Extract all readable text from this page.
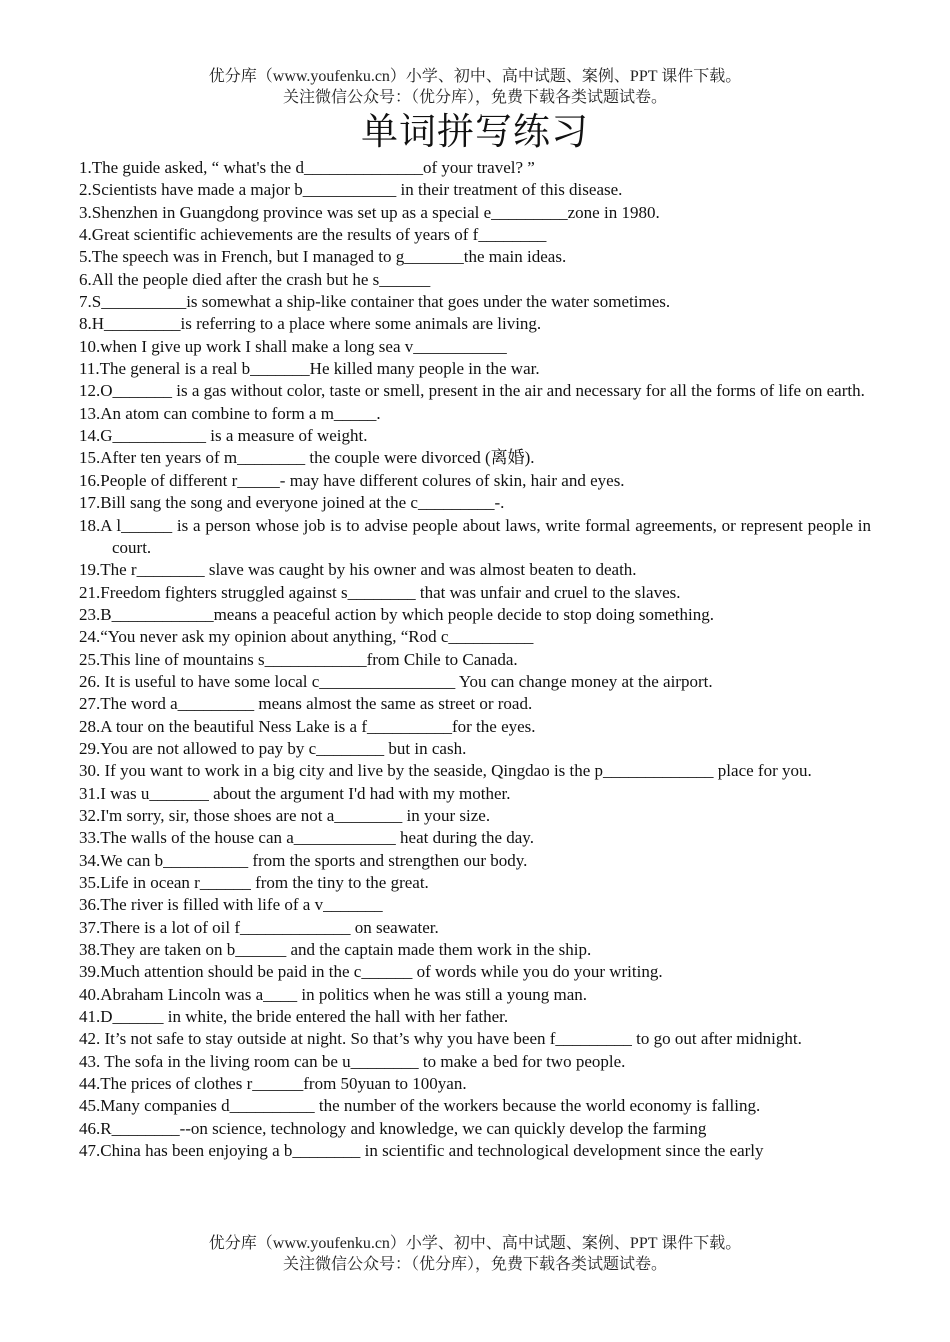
优分库（www.youfenku.cn）小学、初中、高中试题、案例、PPT 课件下载。
关注微信公众号：（优分库），免费下载各类试题试卷。
单词拼写练习
1.The guide asked, “ what's the d______________of your travel? ”
2.Scientists have made a major b___________ in their treatment of this disease.
3.Shenzhen in Guangdong province was set up as a special e_________zone in 1980.
4.Great scientific achievements are the results of years of f________
5.The speech was in French, but I managed to g_______the main ideas.
6.All the people died after the crash but he s______
7.S__________is somewhat a ship-like container that goes under the water sometimes.
8.H_________is referring to a place where some animals are living.
10.when I give up work I shall make a long sea v___________
11.The general is a real b_______He killed many people in the war.
12.O_______ is a gas without color, taste or smell, present in the air and necessary for all the forms of life on earth.
13.An atom can combine to form a m_____.
14.G___________ is a measure of weight.
15.After ten years of m________ the couple were divorced (离婚).
16.People of different r_____- may have different colures of skin, hair and eyes.
17.Bill sang the song and everyone joined at the c_________-.
18.A l______ is a person whose job is to advise people about laws, write formal agreements, or represent people in court.
19.The r________ slave was caught by his owner and was almost beaten to death.
21.Freedom fighters struggled against s________ that was unfair and cruel to the slaves.
23.B____________means a peaceful action by which people decide to stop doing something.
24.“You never ask my opinion about anything, “Rod c__________
25.This line of mountains s____________from Chile to Canada.
26. It is useful to have some local c________________ You can change money at the airport.
27.The word a_________ means almost the same as street or road.
28.A tour on the beautiful Ness Lake is a f__________for the eyes.
29.You are not allowed to pay by c________ but in cash.
30. If you want to work in a big city and live by the seaside, Qingdao is the p_____________ place for you.
31.I was u_______ about the argument I'd had with my mother.
32.I'm sorry, sir, those shoes are not a________ in your size.
33.The walls of the house can a____________ heat during the day.
34.We can b__________ from the sports and strengthen our body.
35.Life in ocean r______ from the tiny to the great.
36.The river is filled with life of a v_______
37.There is a lot of oil f_____________ on seawater.
38.They are taken on b______ and the captain made them work in the ship.
39.Much attention should be paid in the c______ of words while you do your writing.
40.Abraham Lincoln was a____ in politics when he was still a young man.
41.D______ in white, the bride entered the hall with her father.
42. It’s not safe to stay outside at night. So that’s why you have been f_________ to go out after midnight.
43. The sofa in the living room can be u________ to make a bed for two people.
44.The prices of clothes r______from 50yuan to 100yan.
45.Many companies d__________ the number of the workers because the world economy is falling.
46.R________--on science, technology and knowledge, we can quickly develop the farming
47.China has been enjoying a b________ in scientific and technological development since the early
优分库（www.youfenku.cn）小学、初中、高中试题、案例、PPT 课件下载。
关注微信公众号：（优分库），免费下载各类试题试卷。
